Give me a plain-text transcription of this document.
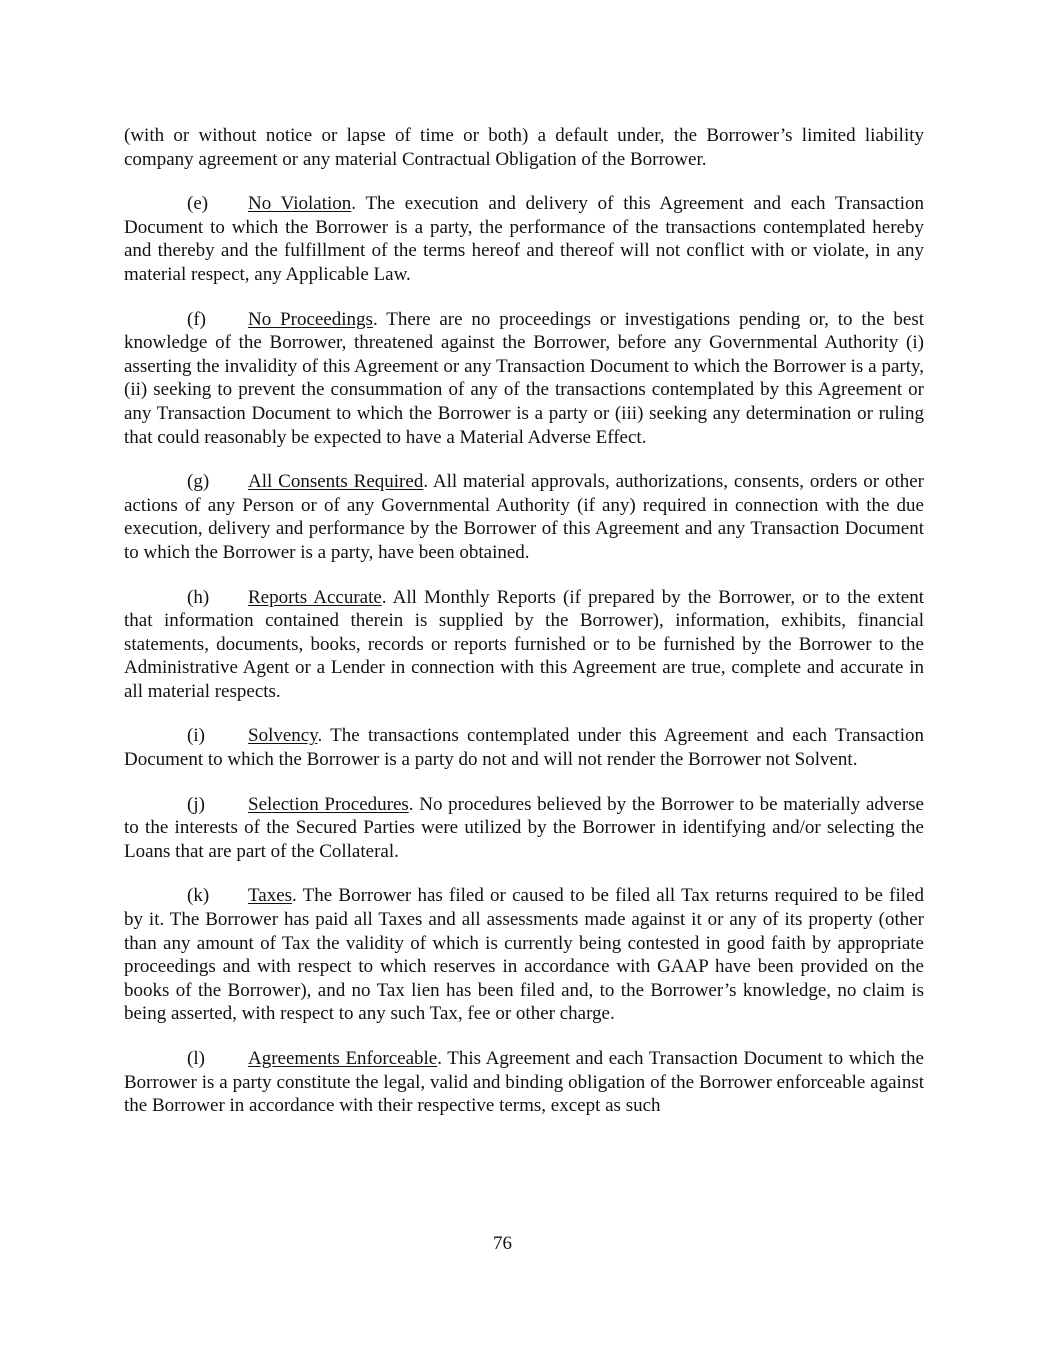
(with or without notice or lapse of time or both) a default under, the Borrower’s limited liability company agreement or any material Contractual Obligation of the Borrower.

(e) No Violation. The execution and delivery of this Agreement and each Transaction Document to which the Borrower is a party, the performance of the transactions contemplated hereby and thereby and the fulfillment of the terms hereof and thereof will not conflict with or violate, in any material respect, any Applicable Law.

(f) No Proceedings. There are no proceedings or investigations pending or, to the best knowledge of the Borrower, threatened against the Borrower, before any Governmental Authority (i) asserting the invalidity of this Agreement or any Transaction Document to which the Borrower is a party, (ii) seeking to prevent the consummation of any of the transactions contemplated by this Agreement or any Transaction Document to which the Borrower is a party or (iii) seeking any determination or ruling that could reasonably be expected to have a Material Adverse Effect.

(g) All Consents Required. All material approvals, authorizations, consents, orders or other actions of any Person or of any Governmental Authority (if any) required in connection with the due execution, delivery and performance by the Borrower of this Agreement and any Transaction Document to which the Borrower is a party, have been obtained.

(h) Reports Accurate. All Monthly Reports (if prepared by the Borrower, or to the extent that information contained therein is supplied by the Borrower), information, exhibits, financial statements, documents, books, records or reports furnished or to be furnished by the Borrower to the Administrative Agent or a Lender in connection with this Agreement are true, complete and accurate in all material respects.

(i) Solvency. The transactions contemplated under this Agreement and each Transaction Document to which the Borrower is a party do not and will not render the Borrower not Solvent.

(j) Selection Procedures. No procedures believed by the Borrower to be materially adverse to the interests of the Secured Parties were utilized by the Borrower in identifying and/or selecting the Loans that are part of the Collateral.

(k) Taxes. The Borrower has filed or caused to be filed all Tax returns required to be filed by it. The Borrower has paid all Taxes and all assessments made against it or any of its property (other than any amount of Tax the validity of which is currently being contested in good faith by appropriate proceedings and with respect to which reserves in accordance with GAAP have been provided on the books of the Borrower), and no Tax lien has been filed and, to the Borrower’s knowledge, no claim is being asserted, with respect to any such Tax, fee or other charge.

(l) Agreements Enforceable. This Agreement and each Transaction Document to which the Borrower is a party constitute the legal, valid and binding obligation of the Borrower enforceable against the Borrower in accordance with their respective terms, except as such

76
